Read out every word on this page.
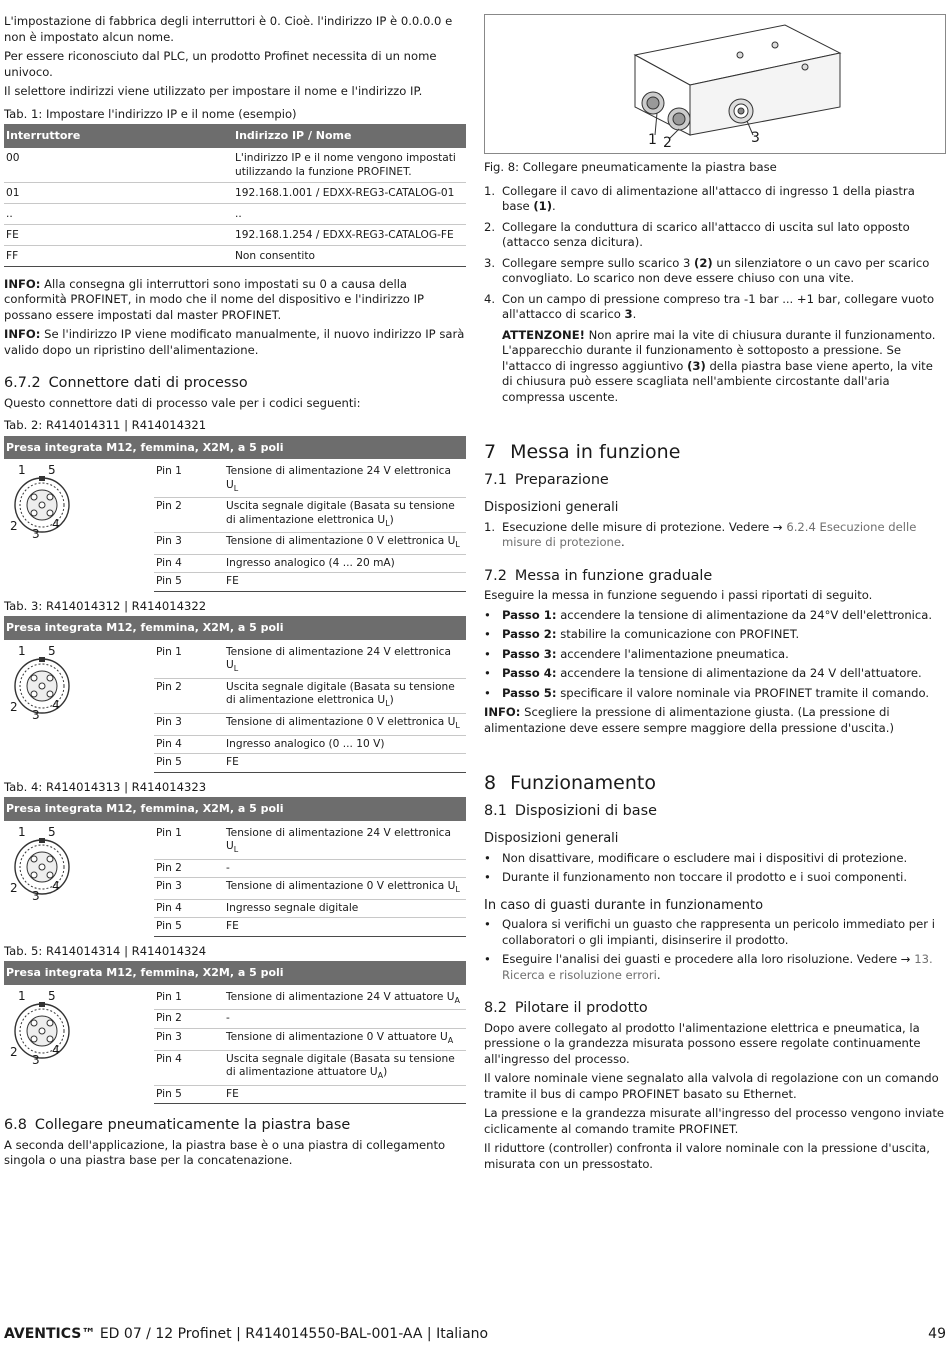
L'impostazione di fabbrica degli interruttori è 0. Cioè. l'indirizzo IP è 0.0.0.0 e non è impostato alcun nome.

Per essere riconosciuto dal PLC, un prodotto Profinet necessita di un nome univoco.

Il selettore indirizzi viene utilizzato per impostare il nome e l'indirizzo IP.

Tab. 1: Impostare l'indirizzo IP e il nome (esempio)

Interruttore	Indirizzo IP / Nome
00	L'indirizzo IP e il nome vengono impostati utilizzando la funzione PROFINET.
01	192.168.1.001 / EDXX-REG3-CATALOG-01
..	..
FE	192.168.1.254 / EDXX-REG3-CATALOG-FE
FF	Non consentito

INFO: Alla consegna gli interruttori sono impostati su 0 a causa della conformità PROFINET, in modo che il nome del dispositivo e l'indirizzo IP possano essere impostati dal master PROFINET.

INFO: Se l'indirizzo IP viene modificato manualmente, il nuovo indirizzo IP sarà valido dopo un ripristino dell'alimentazione.

6.7.2 Connettore dati di processo

Questo connettore dati di processo vale per i codici seguenti:

Tab. 2: R414014311 | R414014321

Presa integrata M12, femmina, X2M, a 5 poli
1 5
2	4
3
Pin 1	Tensione di alimentazione 24 V elettronica $U_L$
Pin 2	Uscita segnale digitale (Basata su tensione di alimentazione elettronica $U_L$)
Pin 3	Tensione di alimentazione 0 V elettronica $U_L$
Pin 4	Ingresso analogico (4 ... 20 mA)
Pin 5	FE

Tab. 3: R414014312 | R414014322

Presa integrata M12, femmina, X2M, a 5 poli
1 5
2	4
3
Pin 1	Tensione di alimentazione 24 V elettronica $U_L$
Pin 2	Uscita segnale digitale (Basata su tensione di alimentazione elettronica $U_L$)
Pin 3	Tensione di alimentazione 0 V elettronica $U_L$
Pin 4	Ingresso analogico (0 ... 10 V)
Pin 5	FE

Tab. 4: R414014313 | R414014323

Presa integrata M12, femmina, X2M, a 5 poli
1 5
2	4
3
Pin 1	Tensione di alimentazione 24 V elettronica $U_L$
Pin 2	-
Pin 3	Tensione di alimentazione 0 V elettronica $U_L$
Pin 4	Ingresso segnale digitale
Pin 5	FE

Tab. 5: R414014314 | R414014324

Presa integrata M12, femmina, X2M, a 5 poli
1 5
2	4
3
Pin 1	Tensione di alimentazione 24 V attuatore $U_A$
Pin 2	-
Pin 3	Tensione di alimentazione 0 V attuatore $U_A$
Pin 4	Uscita segnale digitale (Basata su tensione di alimentazione attuatore $U_A$)
Pin 5	FE
6.8 Collegare pneumaticamente la piastra base

A seconda dell'applicazione, la piastra base è o una piastra di collegamento singola o una piastra base per la concatenazione.

1 2	3

Fig. 8: Collegare pneumaticamente la piastra base

1. Collegare il cavo di alimentazione all'attacco di ingresso 1 della piastra base (1).
2. Collegare la conduttura di scarico all'attacco di uscita sul lato opposto (attacco senza dicitura).
3. Collegare sempre sullo scarico 3 (2) un silenziatore o un cavo per scarico convogliato. Lo scarico non deve essere chiuso con una vite.
4. Con un campo di pressione compreso tra -1 bar ... +1 bar, collegare vuoto all'attacco di scarico 3.

ATTENZONE! Non aprire mai la vite di chiusura durante il funzionamento. L'apparecchio durante il funzionamento è sottoposto a pressione. Se l'attacco di ingresso aggiuntivo (3) della piastra base viene aperto, la vite di chiusura può essere scagliata nell'ambiente circostante dall'aria compressa uscente.

7 Messa in funzione
7.1 Preparazione
Disposizioni generali
1. Esecuzione delle misure di protezione. Vedere → 6.2.4 Esecuzione delle misure di protezione.
7.2 Messa in funzione graduale

Eseguire la messa in funzione seguendo i passi riportati di seguito.

• Passo 1: accendere la tensione di alimentazione da 24°V dell'elettronica.
• Passo 2: stabilire la comunicazione con PROFINET.
• Passo 3: accendere l'alimentazione pneumatica.
• Passo 4: accendere la tensione di alimentazione da 24 V dell'attuatore.
• Passo 5: specificare il valore nominale via PROFINET tramite il comando.

INFO: Scegliere la pressione di alimentazione giusta. (La pressione di alimentazione deve essere sempre maggiore della pressione d'uscita.)

8 Funzionamento
8.1 Disposizioni di base
Disposizioni generali
• Non disattivare, modificare o escludere mai i dispositivi di protezione.
• Durante il funzionamento non toccare il prodotto e i suoi componenti.
In caso di guasti durante in funzionamento
• Qualora si verifichi un guasto che rappresenta un pericolo immediato per i collaboratori o gli impianti, disinserire il prodotto.
• Eseguire l'analisi dei guasti e procedere alla loro risoluzione. Vedere → 13. Ricerca e risoluzione errori.
8.2 Pilotare il prodotto

Dopo avere collegato al prodotto l'alimentazione elettrica e pneumatica, la pressione o la grandezza misurata possono essere regolate continuamente all'ingresso del processo.

Il valore nominale viene segnalato alla valvola di regolazione con un comando tramite il bus di campo PROFINET basato su Ethernet.

La pressione e la grandezza misurate all'ingresso del processo vengono inviate ciclicamente al comando tramite PROFINET.

Il riduttore (controller) confronta il valore nominale con la pressione d'uscita, misurata con un pressostato.

AVENTICS™ ED 07 / 12 Profinet | R414014550-BAL-001-AA | Italiano	49
